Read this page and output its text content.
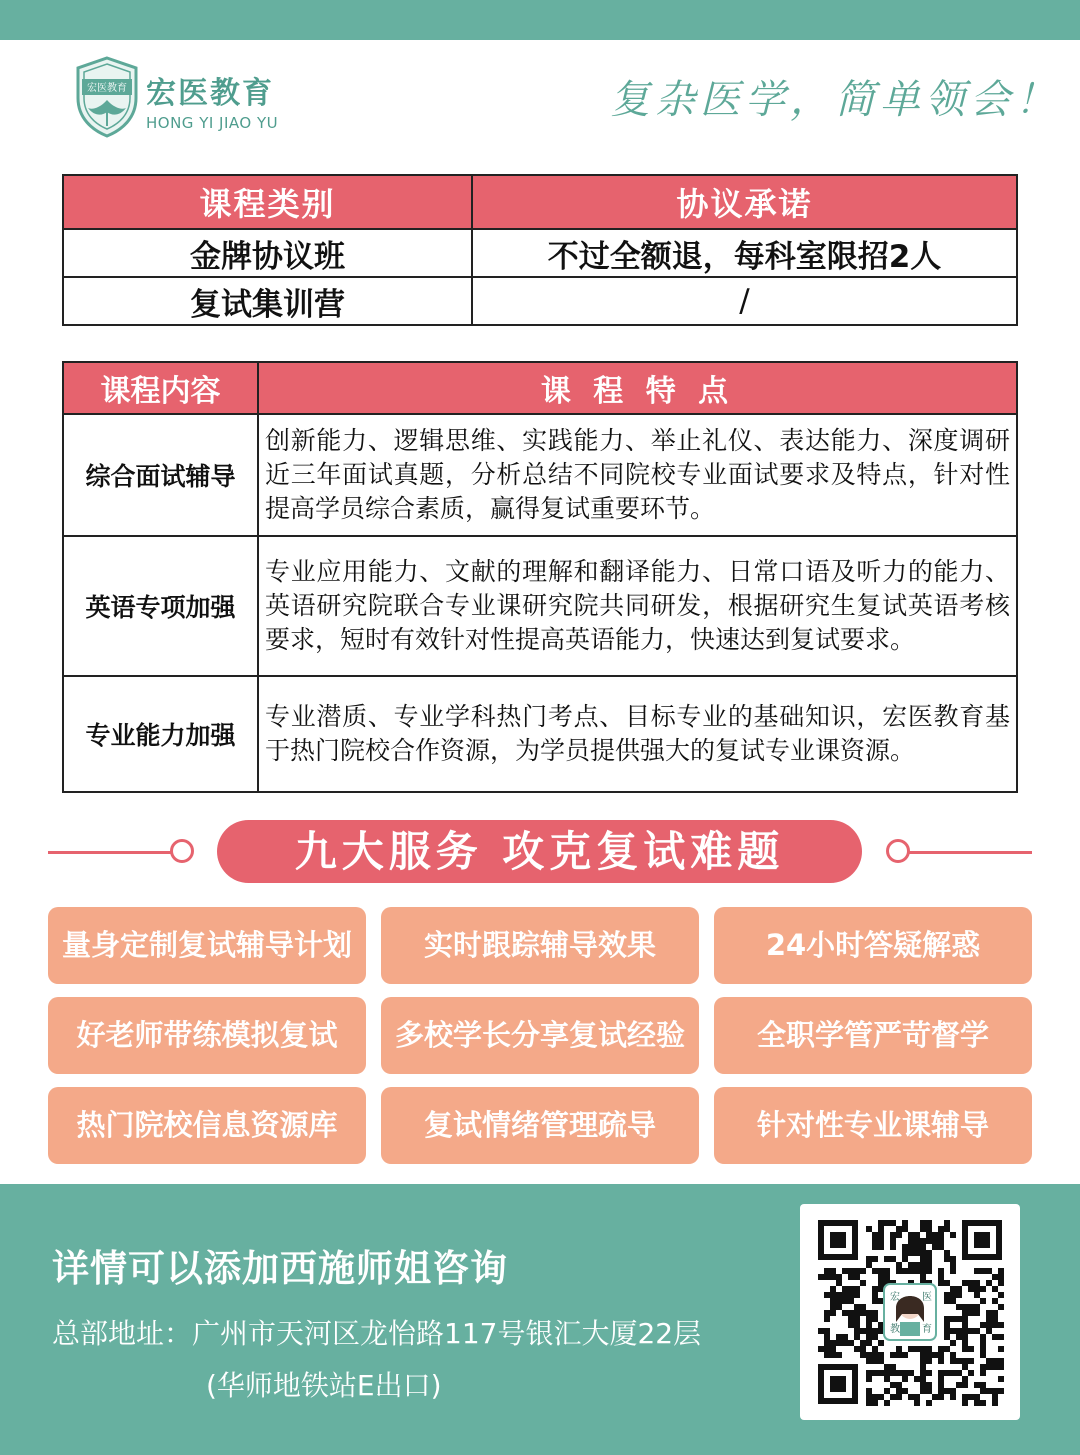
宏医教育 宏医教育
HONG YI JIAO YU	复杂医学，简单领会！
课程类别	协议承诺
金牌协议班	不过全额退，每科室限招2人
复试集训营	/
课程内容	课 程 特 点
综合面试辅导	创新能力、逻辑思维、实践能力、举止礼仪、表达能力、深度调研近三年面试真题，分析总结不同院校专业面试要求及特点，针对性提高学员综合素质，赢得复试重要环节。
英语专项加强	专业应用能力、文献的理解和翻译能力、日常口语及听力的能力、英语研究院联合专业课研究院共同研发，根据研究生复试英语考核要求，短时有效针对性提高英语能力，快速达到复试要求。
专业能力加强	专业潜质、专业学科热门考点、目标专业的基础知识，宏医教育基于热门院校合作资源，为学员提供强大的复试专业课资源。
九大服务 攻克复试难题
量身定制复试辅导计划	实时跟踪辅导效果	24小时答疑解惑
好老师带练模拟复试	多校学长分享复试经验	全职学管严苛督学
热门院校信息资源库	复试情绪管理疏导	针对性专业课辅导
详情可以添加西施师姐咨询
总部地址：广州市天河区龙怡路117号银汇大厦22层
(华师地铁站E出口)
宏 医
教 育
